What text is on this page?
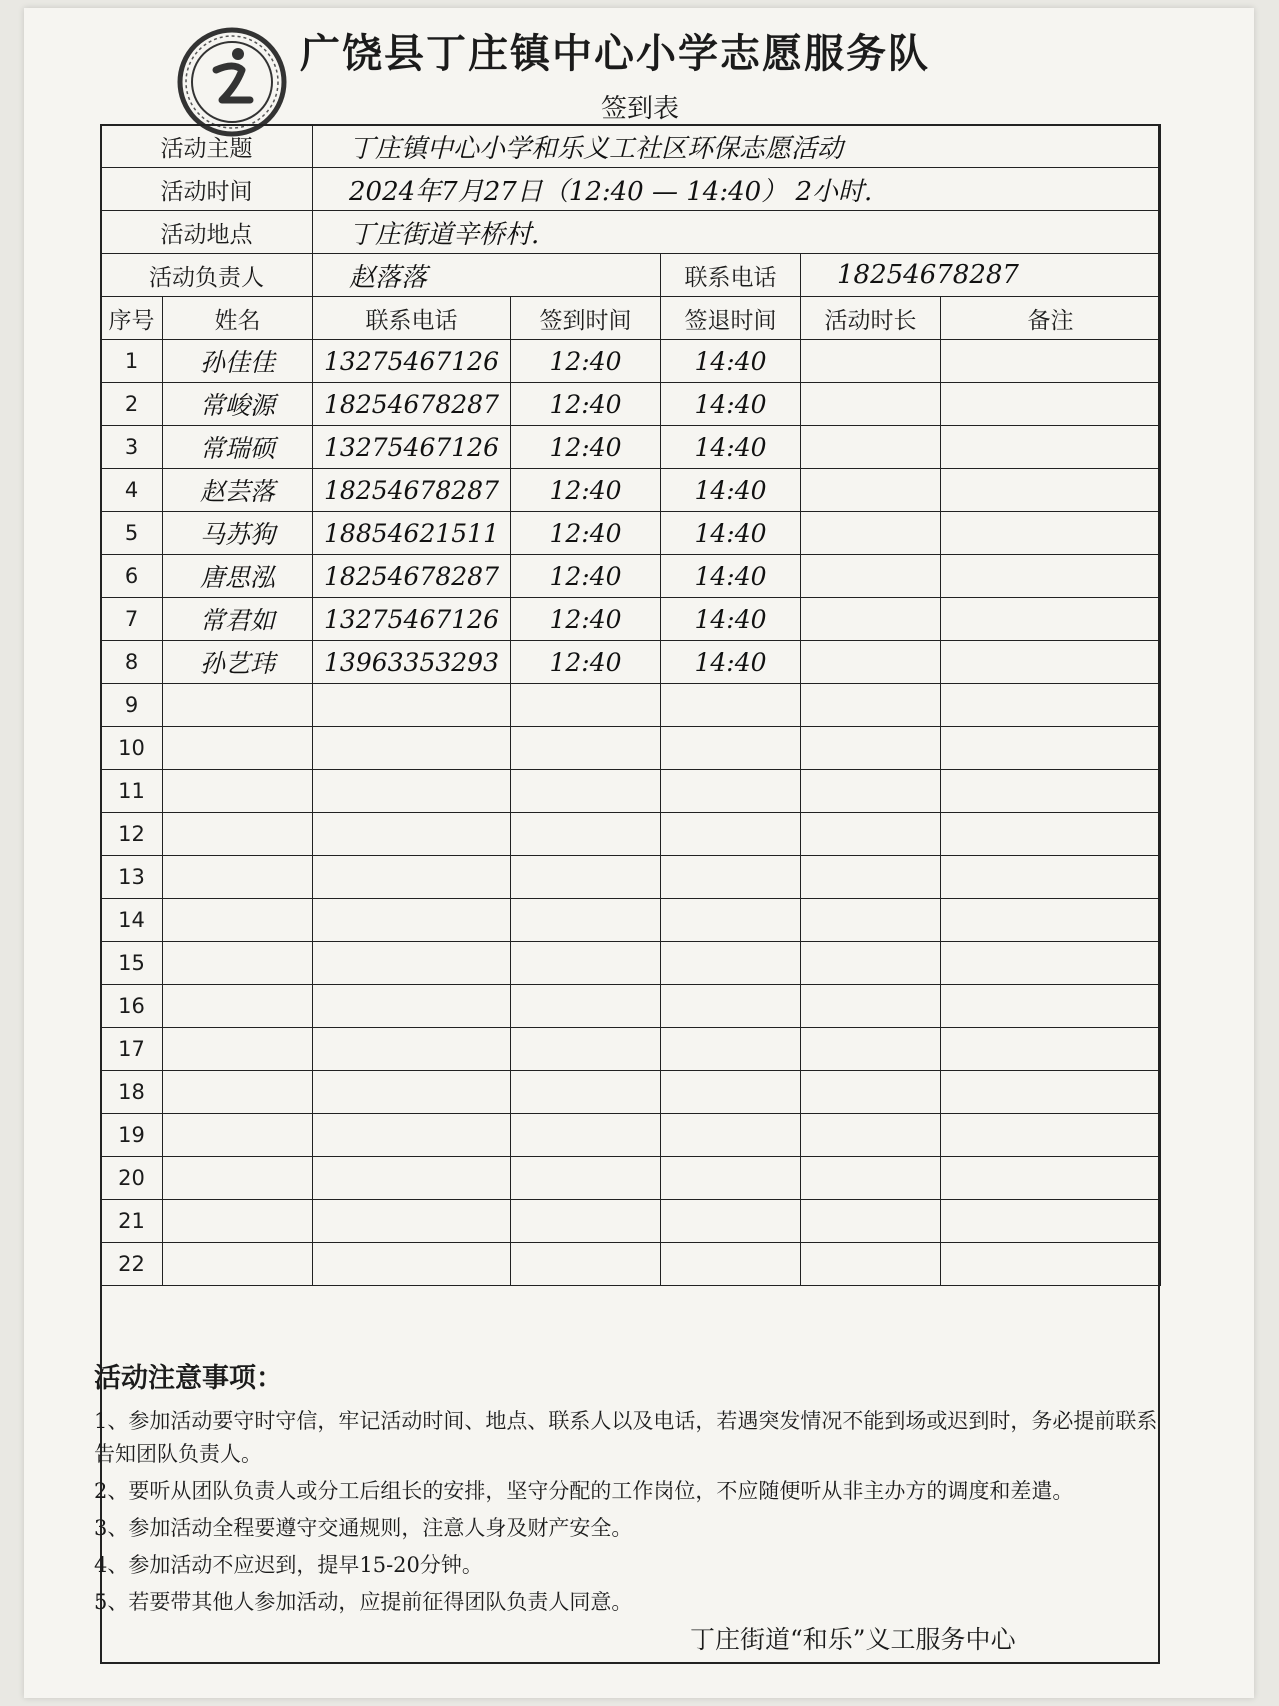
广饶县丁庄镇中心小学志愿服务队
签到表
活动主题		丁庄镇中心小学和乐义工社区环保志愿活动				
活动时间		2024年7月27日（12:40 — 14:40） 2小时.				
活动地点		丁庄街道辛桥村.				
活动负责人		赵落落		联系电话	18254678287	
序号	姓名	联系电话	签到时间	签退时间	活动时长	备注
1	孙佳佳	13275467126	12:40	14:40		
2	常峻源	18254678287	12:40	14:40		
3	常瑞硕	13275467126	12:40	14:40		
4	赵芸落	18254678287	12:40	14:40		
5	马苏狗	18854621511	12:40	14:40		
6	唐思泓	18254678287	12:40	14:40		
7	常君如	13275467126	12:40	14:40		
8	孙艺玮	13963353293	12:40	14:40		
9						
10						
11						
12						
13						
14						
15						
16						
17						
18						
19						
20						
21						
22						
活动注意事项：
1、参加活动要守时守信，牢记活动时间、地点、联系人以及电话，若遇突发情况不能到场或迟到时，务必提前联系告知团队负责人。
2、要听从团队负责人或分工后组长的安排，坚守分配的工作岗位，不应随便听从非主办方的调度和差遣。
3、参加活动全程要遵守交通规则，注意人身及财产安全。
4、参加活动不应迟到，提早15-20分钟。
5、若要带其他人参加活动，应提前征得团队负责人同意。
丁庄街道“和乐”义工服务中心
